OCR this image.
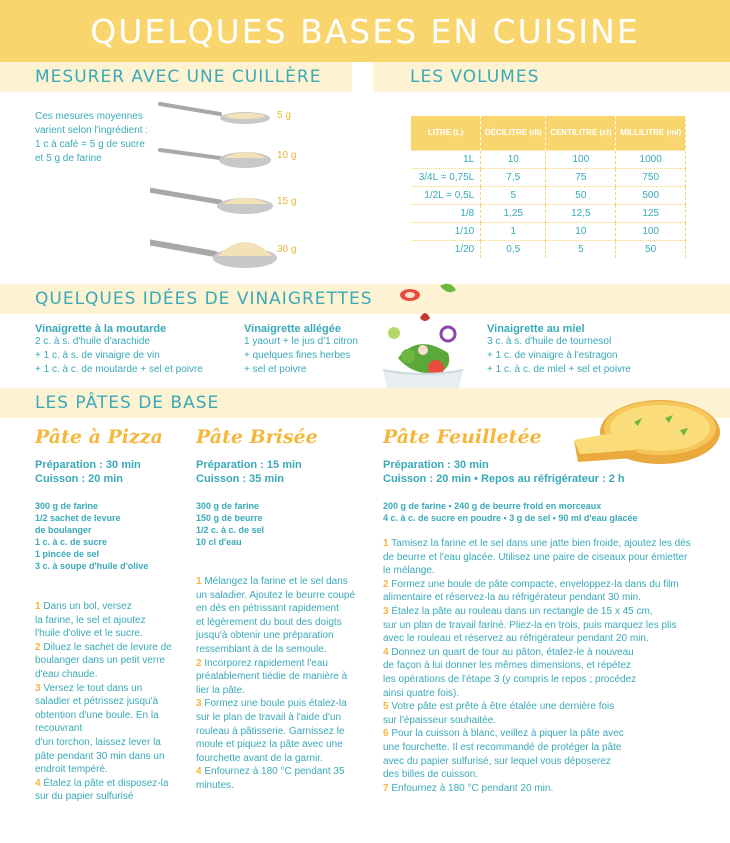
QUELQUES BASES EN CUISINE
MESURER AVEC UNE CUILLÈRE	LES VOLUMES
Ces mesures moyennes
varient selon l'ingrédient :
1 c à café = 5 g de sucre
et 5 g de farine
5 g
10 g
15 g
30 g
LITRE (L)	DÉCILITRE (dl)	CENTILITRE (cl)	MILLILITRE (ml)
1L	10	100	1000
3/4L = 0,75L	7,5	75	750
1/2L = 0,5L	5	50	500
1/8	1,25	12,5	125
1/10	1	10	100
1/20	0,5	5	50
QUELQUES IDÉES DE VINAIGRETTES
Vinaigrette à la moutarde
2 c. à s. d'huile d'arachide
+ 1 c. à s. de vinaigre de vin
+ 1 c. à c. de moutarde + sel et poivre
Vinaigrette allégée
1 yaourt + le jus d'1 citron
+ quelques fines herbes
+ sel et poivre
Vinaigrette au miel
3 c. à s. d'huile de tournesol
+ 1 c. de vinaigre à l'estragon
+ 1 c. à c. de miel + sel et poivre
LES PÂTES DE BASE
Pâte à Pizza
Préparation : 30 min
Cuisson : 20 min
300 g de farine
1/2 sachet de levure
de boulanger
1 c. à c. de sucre
1 pincée de sel
3 c. à soupe d'huile d'olive
1 Dans un bol, versez
la farine, le sel et ajoutez
l'huile d'olive et le sucre.
2 Diluez le sachet de levure de
boulanger dans un petit verre
d'eau chaude.
3 Versez le tout dans un
saladier et pétrissez jusqu'à
obtention d'une boule. En la
recouvrant
d'un torchon, laissez lever la
pâte pendant 30 min dans un
endroit tempéré.
4 Étalez la pâte et disposez-la
sur du papier sulfurisé
Pâte Brisée
Préparation : 15 min
Cuisson : 35 min
300 g de farine
150 g de beurre
1/2 c. à c. de sel
10 cl d'eau
1 Mélangez la farine et le sel dans
un saladier. Ajoutez le beurre coupé
en dés en pétrissant rapidement
et légèrement du bout des doigts
jusqu'à obtenir une préparation
ressemblant à de la semoule.
2 Incorporez rapidement l'eau
préalablement tiédie de manière à
lier la pâte.
3 Formez une boule puis étalez-la
sur le plan de travail à l'aide d'un
rouleau à pâtisserie. Garnissez le
moule et piquez la pâte avec une
fourchette avant de la garnir.
4 Enfournez à 180 °C pendant 35
minutes.
Pâte Feuilletée
Préparation : 30 min
Cuisson : 20 min • Repos au réfrigérateur : 2 h
200 g de farine • 240 g de beurre froid en morceaux
4 c. à c. de sucre en poudre • 3 g de sel • 90 ml d'eau glacée
1 Tamisez la farine et le sel dans une jatte bien froide, ajoutez les dés
de beurre et l'eau glacée. Utilisez une paire de ciseaux pour émietter
le mélange.
2 Formez une boule de pâte compacte, enveloppez-la dans du film
alimentaire et réservez-la au réfrigérateur pendant 30 min.
3 Étalez la pâte au rouleau dans un rectangle de 15 x 45 cm,
sur un plan de travail fariné. Pliez-la en trois, puis marquez les plis
avec le rouleau et réservez au réfrigérateur pendant 20 min.
4 Donnez un quart de tour au pâton, étalez-le à nouveau
de façon à lui donner les mêmes dimensions, et répétez
les opérations de l'étape 3 (y compris le repos ; procédez
ainsi quatre fois).
5 Votre pâte est prête à être étalée une dernière fois
sur l'épaisseur souhaitée.
6 Pour la cuisson à blanc, veillez à piquer la pâte avec
une fourchette. Il est recommandé de protéger la pâte
avec du papier sulfurisé, sur lequel vous déposerez
des billes de cuisson.
7 Enfournez à 180 °C pendant 20 min.
